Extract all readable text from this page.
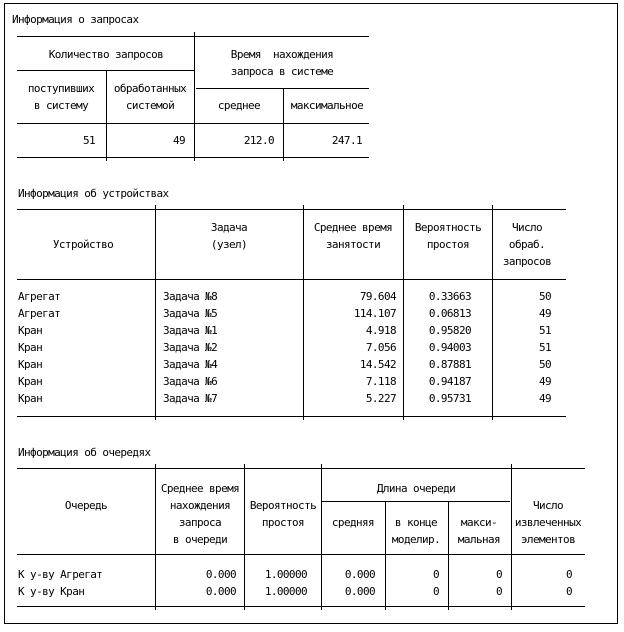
Информация о запросах
Количество запросов	Время  нахождения
запроса в системе
поступивших
в систему
обработанных
системой	среднее	максимальное
51	49	212.0	247.1
Информация об устройствах
Устройство
Задача
(узел)
Среднее время
занятости
Вероятность
простоя
Число
обраб.
запросов
Агрегат	Задача №8	79.604	0.33663	50
Агрегат	Задача №5	114.107	0.06813	49
Кран	Задача №1	4.918	0.95820	51
Кран	Задача №2	7.056	0.94003	51
Кран	Задача №4	14.542	0.87881	50
Кран	Задача №6	7.118	0.94187	49
Кран	Задача №7	5.227	0.95731	49
Информация об очередях
Очередь
Среднее время
нахождения
запроса
в очереди
Вероятность
простоя
Длина очереди
средняя в конце
моделир.
макси-
мальная
Число
извлеченных
элементов
К у-ву Агрегат	0.000	1.00000	0.000	0	0	0
К у-ву Кран	0.000	1.00000	0.000	0	0	0
